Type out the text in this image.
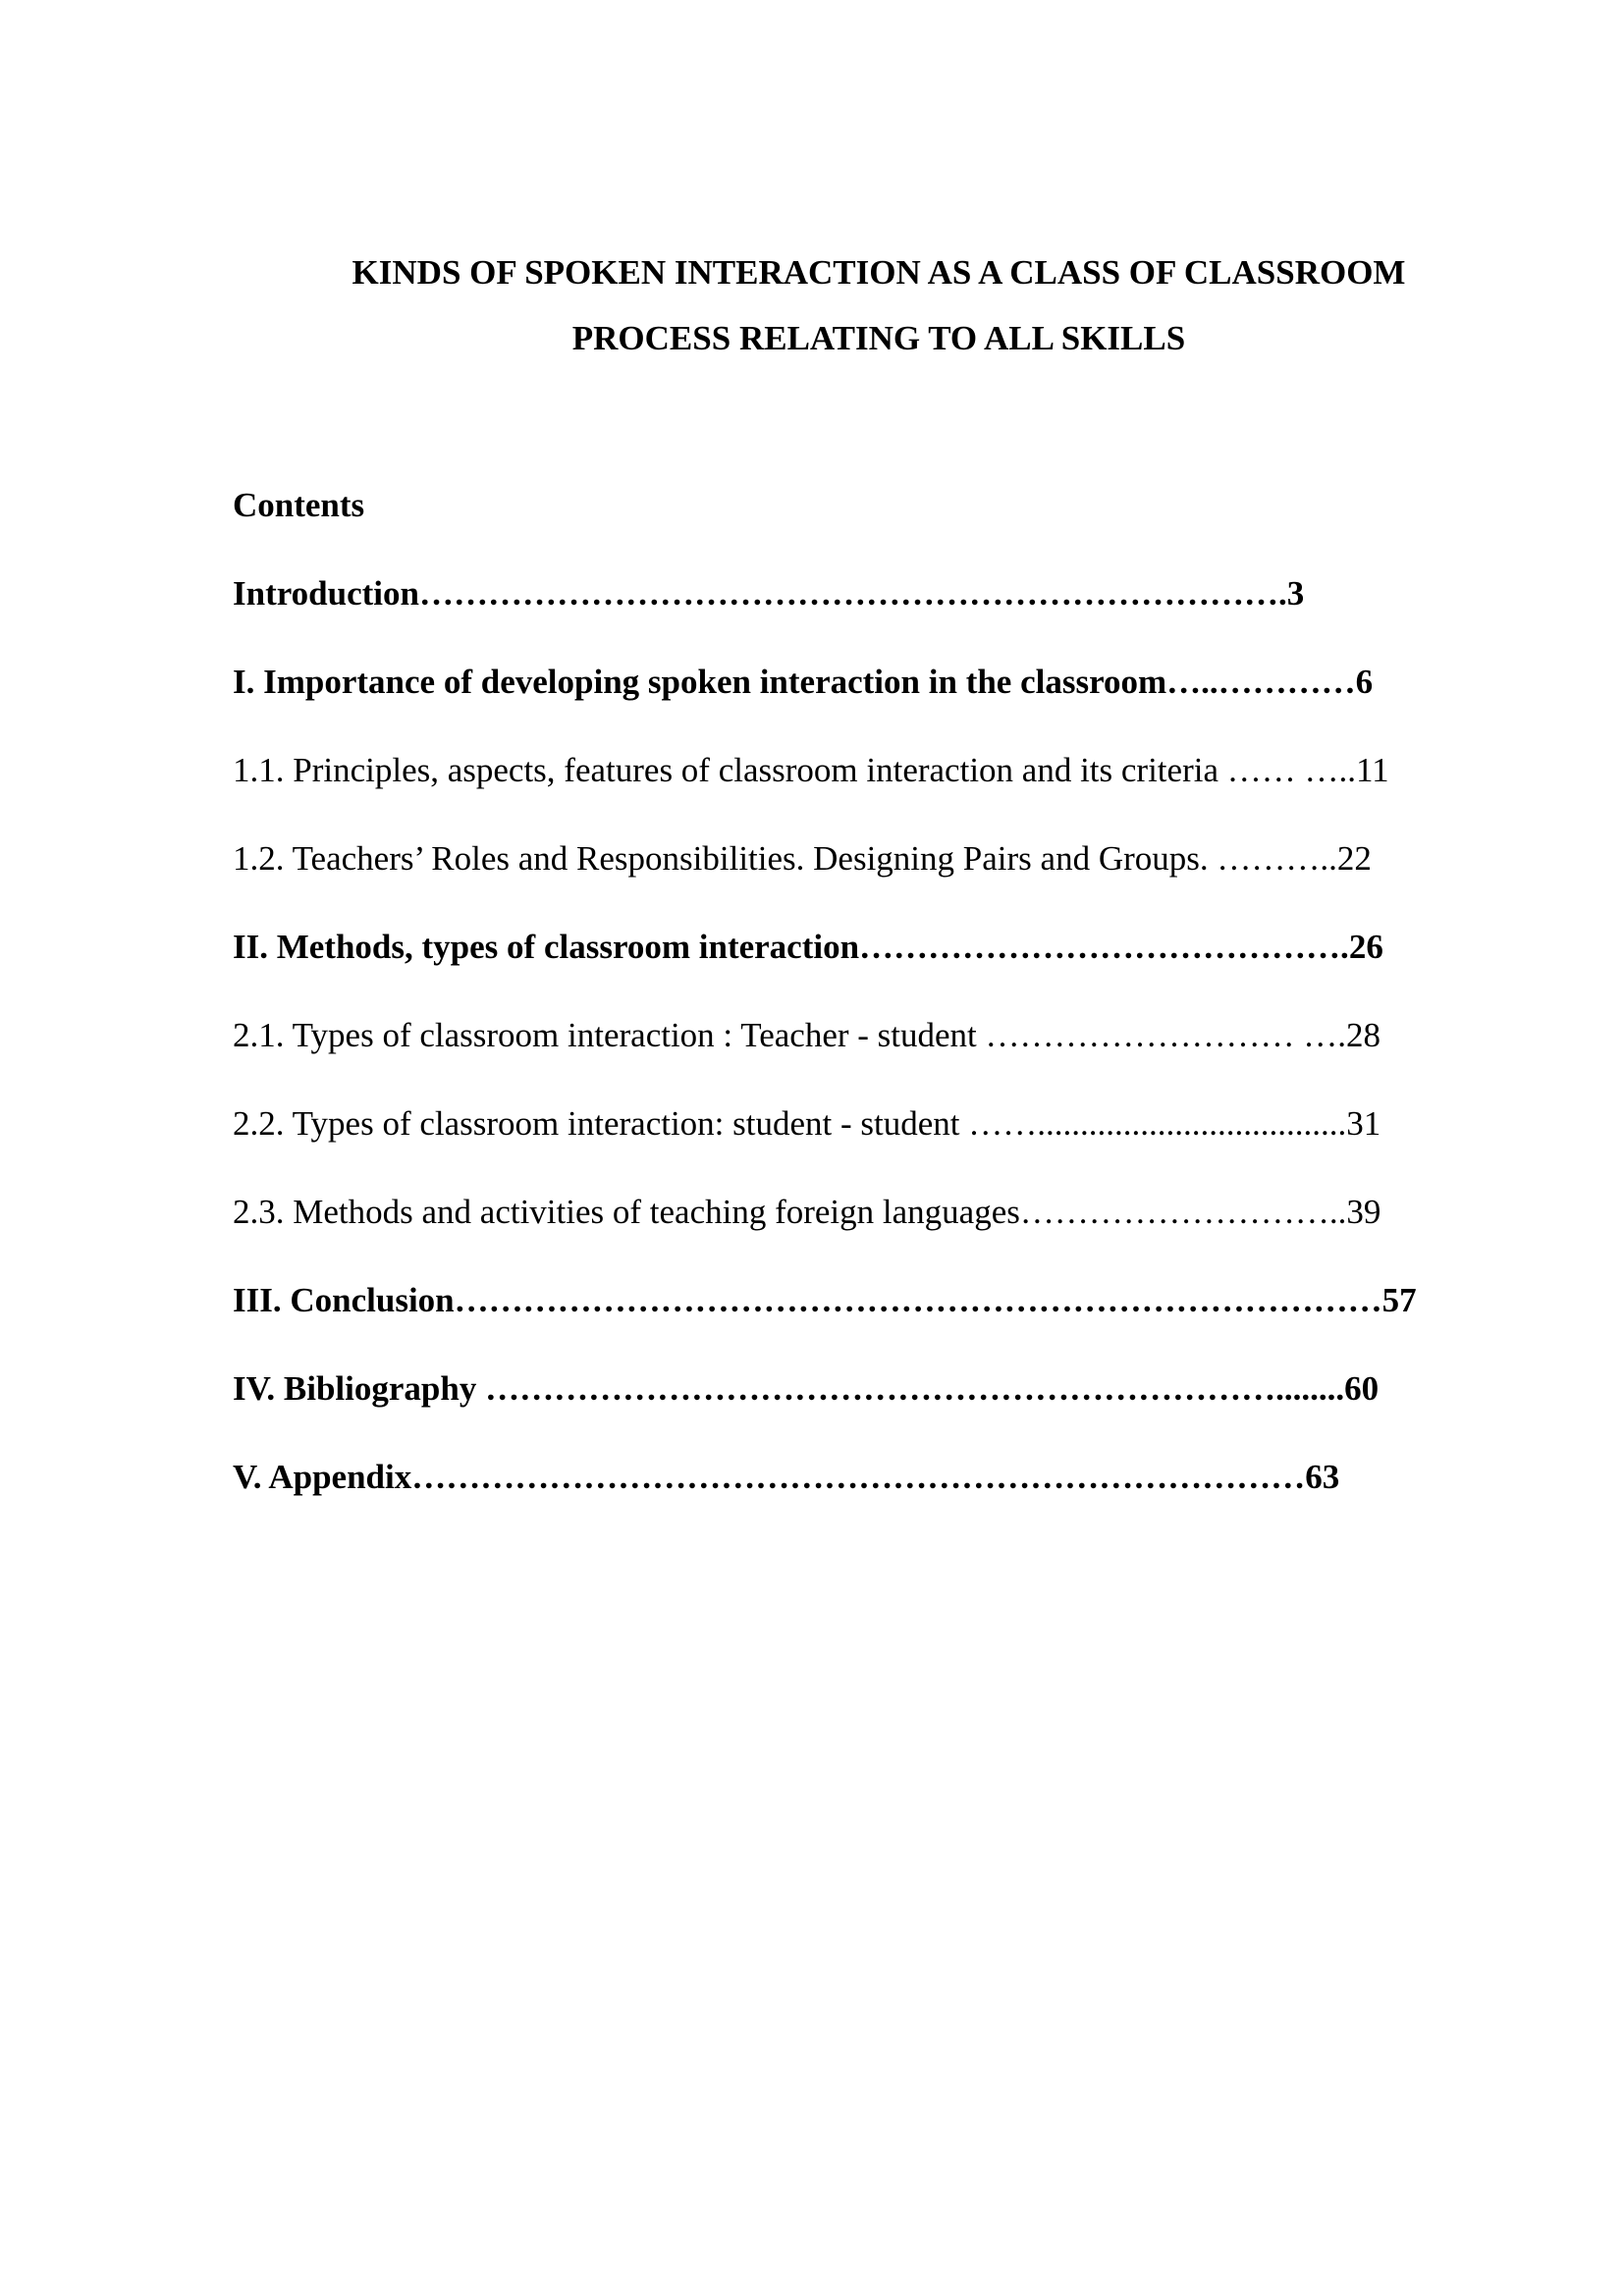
KINDS OF SPOKEN INTERACTION AS A CLASS OF CLASSROOM
PROCESS RELATING TO ALL SKILLS
Contents
Introduction………………………………………………………………….3
I. Importance of developing spoken interaction in the classroom…..…………6
1.1. Principles, aspects, features of classroom interaction and its criteria …… …..11
1.2. Teachers’ Roles and Responsibilities. Designing Pairs and Groups. ………..22
II. Methods, types of classroom interaction…………………………………….26
2.1. Types of classroom interaction : Teacher - student ……………………… ….28
2.2. Types of classroom interaction: student - student ……....................................31
2.3. Methods and activities of teaching foreign languages………………………..39
III. Conclusion………………………………………………………………………57
IV. Bibliography ……………………………………………………………........60
V. Appendix……………………………………………………………………63
